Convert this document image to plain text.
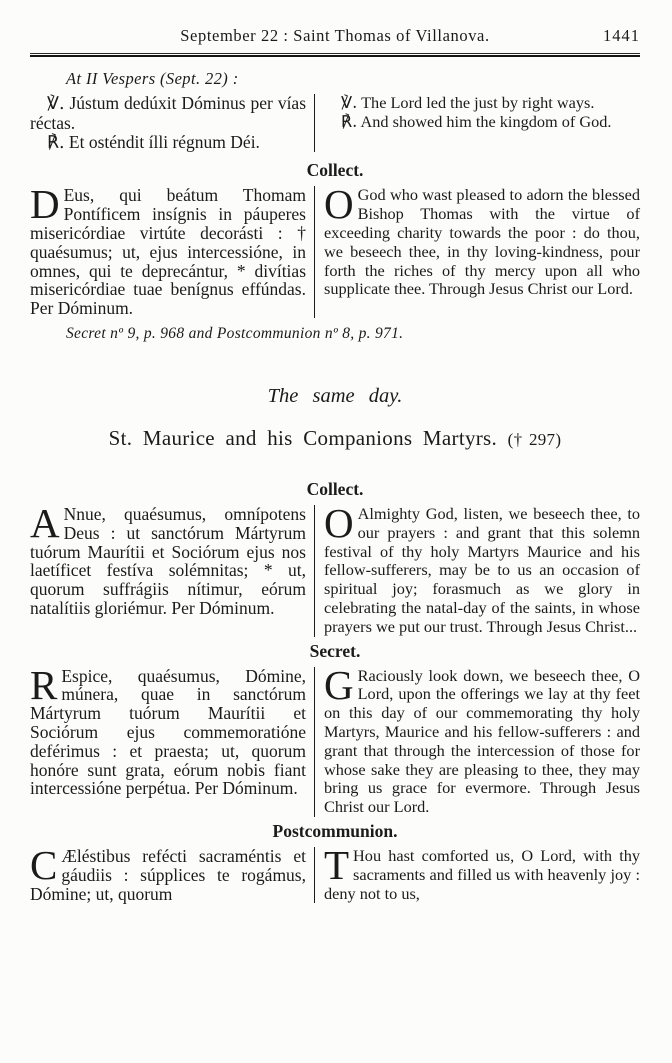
September 22 : Saint Thomas of Villanova.	1441
At II Vespers (Sept. 22) :

℣. Jústum dedúxit Dóminus per vías réctas.

℟. Et osténdit ílli régnum Déi.

℣. The Lord led the just by right ways.

℟. And showed him the kingdom of God.

Collect.

D Eus, qui beátum Thomam Pontíficem insígnis in páuperes misericórdiae virtúte decorásti : † quaésumus; ut, ejus intercessióne, in omnes, qui te deprecántur, * divítias misericórdiae tuae benígnus effúndas. Per Dóminum.

O God who wast pleased to adorn the blessed Bishop Thomas with the virtue of exceeding charity towards the poor : do thou, we beseech thee, in thy loving-kindness, pour forth the riches of thy mercy upon all who supplicate thee. Through Jesus Christ our Lord.

Secret nº 9, p. 968 and Postcommunion nº 8, p. 971.
The same day.
St. Maurice and his Companions Martyrs. († 297)
Collect.

A Nnue, quaésumus, omnípotens Deus : ut sanctórum Mártyrum tuórum Maurítii et Sociórum ejus nos laetíficet festíva solémnitas; * ut, quorum suffrágiis nítimur, eórum natalítiis gloriémur. Per Dóminum.

O Almighty God, listen, we beseech thee, to our prayers : and grant that this solemn festival of thy holy Martyrs Maurice and his fellow-sufferers, may be to us an occasion of spiritual joy; forasmuch as we glory in celebrating the natal-day of the saints, in whose prayers we put our trust. Through Jesus Christ...

Secret.

R Espice, quaésumus, Dómine, múnera, quae in sanctórum Mártyrum tuórum Maurítii et Sociórum ejus commemoratióne deférimus : et praesta; ut, quorum honóre sunt grata, eórum nobis fiant intercessióne perpétua. Per Dóminum.

G Raciously look down, we beseech thee, O Lord, upon the offerings we lay at thy feet on this day of our commemorating thy holy Martyrs, Maurice and his fellow-sufferers : and grant that through the intercession of those for whose sake they are pleasing to thee, they may bring us grace for evermore. Through Jesus Christ our Lord.

Postcommunion.

C Æléstibus refécti sacraméntis et gáudiis : súpplices te rogámus, Dómine; ut, quorum

T Hou hast comforted us, O Lord, with thy sacraments and filled us with heavenly joy : deny not to us,
